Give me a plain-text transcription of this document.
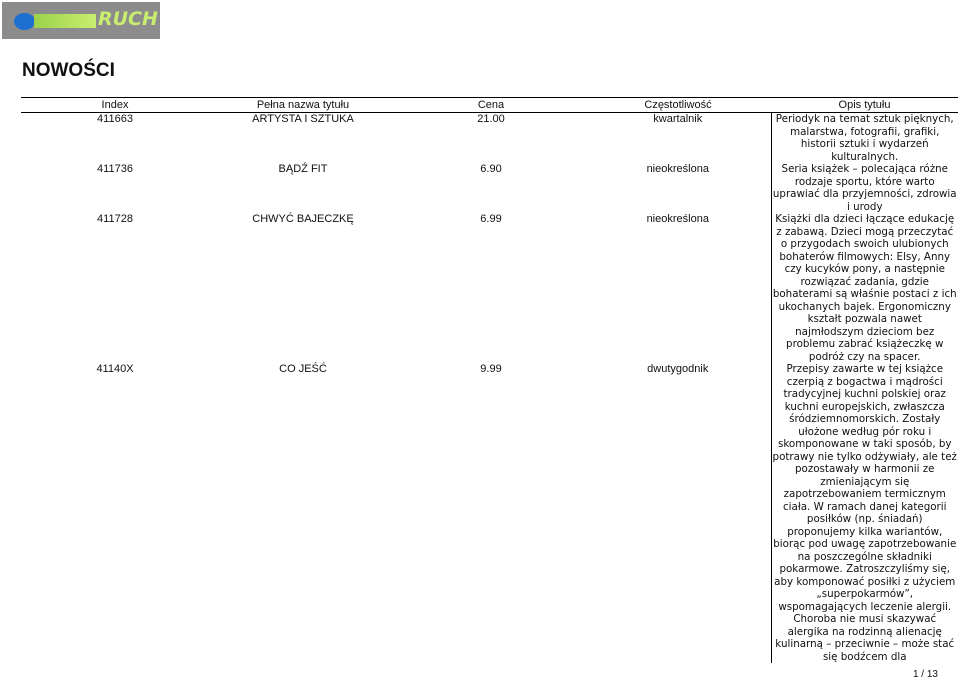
RUCH
NOWOŚCI
Index	Pełna nazwa tytułu	Cena	Częstotliwość	Opis tytułu
411663	ARTYSTA I SZTUKA	21.00	kwartalnik	Periodyk na temat sztuk pięknych, malarstwa, fotografii, grafiki, historii sztuki i wydarzeń kulturalnych.
411736	BĄDŹ FIT	6.90	nieokreślona	Seria książek – polecająca różne rodzaje sportu, które warto uprawiać dla przyjemności, zdrowia i urody
411728	CHWYĆ BAJECZKĘ	6.99	nieokreślona	Książki dla dzieci łączące edukację z zabawą. Dzieci mogą przeczytać o przygodach swoich ulubionych bohaterów filmowych: Elsy, Anny czy kucyków pony, a następnie rozwiązać zadania, gdzie bohaterami są właśnie postaci z ich ukochanych bajek. Ergonomiczny kształt pozwala nawet najmłodszym dzieciom bez problemu zabrać książeczkę w podróż czy na spacer.
41140X	CO JEŚĆ	9.99	dwutygodnik	Przepisy zawarte w tej książce czerpią z bogactwa i mądrości tradycyjnej kuchni polskiej oraz kuchni europejskich, zwłaszcza śródziemnomorskich. Zostały ułożone według pór roku i skomponowane w taki sposób, by potrawy nie tylko odżywiały, ale też pozostawały w harmonii ze zmieniającym się zapotrzebowaniem termicznym ciała. W ramach danej kategorii posiłków (np. śniadań) proponujemy kilka wariantów, biorąc pod uwagę zapotrzebowanie na poszczególne składniki pokarmowe. Zatroszczyliśmy się, aby komponować posiłki z użyciem „superpokarmów”, wspomagających leczenie alergii. Choroba nie musi skazywać alergika na rodzinną alienację kulinarną – przeciwnie – może stać się bodźcem dla
1 / 13
